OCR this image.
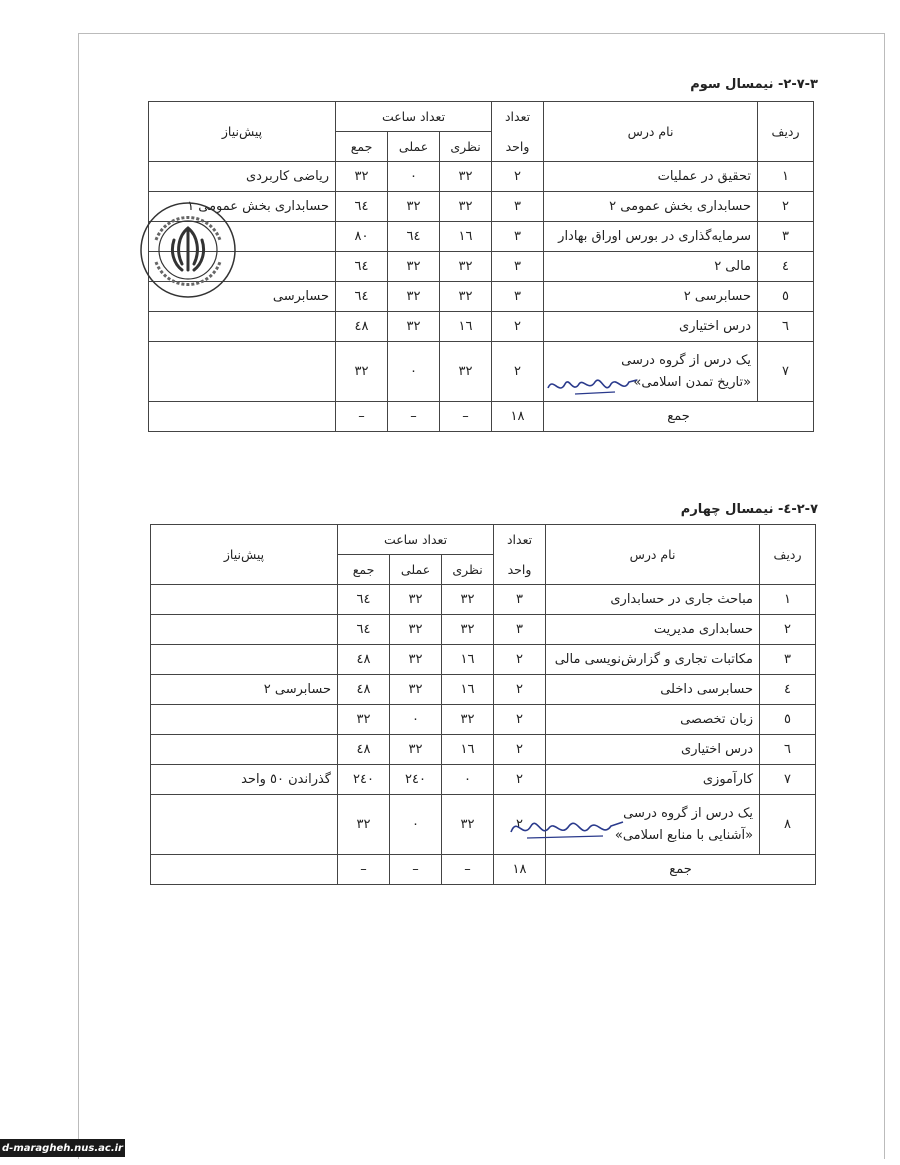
۲-۷-۳- نیمسال سوم
ردیف	نام درس	تعداد	تعداد ساعت			پیش‌نیاز
		واحد	نظری	عملی	جمع	
۱	تحقیق در عملیات	۲	۳۲	۰	۳۲	ریاضی کاربردی
۲	حسابداری بخش عمومی ۲	۳	۳۲	۳۲	٦٤	حسابداری بخش عمومی ۱
۳	سرمایه‌گذاری در بورس اوراق بهادار	۳	۱٦	٦٤	۸۰	
٤	مالی ۲	۳	۳۲	۳۲	٦٤	
٥	حسابرسی ۲	۳	۳۲	۳۲	٦٤	حسابرسی
٦	درس اختیاری	۲	۱٦	۳۲	٤۸	
۷	یک درس از گروه درسی
«تاریخ تمدن اسلامی»	۲	۳۲	۰	۳۲	
جمع		۱۸	–	–	–	
۲-۷-٤- نیمسال چهارم
ردیف	نام درس	تعداد	تعداد ساعت			پیش‌نیاز
		واحد	نظری	عملی	جمع	
۱	مباحث جاری در حسابداری	۳	۳۲	۳۲	٦٤	
۲	حسابداری مدیریت	۳	۳۲	۳۲	٦٤	
۳	مکاتبات تجاری و گزارش‌نویسی مالی	۲	۱٦	۳۲	٤۸	
٤	حسابرسی داخلی	۲	۱٦	۳۲	٤۸	حسابرسی ۲
٥	زبان تخصصی	۲	۳۲	۰	۳۲	
٦	درس اختیاری	۲	۱٦	۳۲	٤۸	
۷	کارآموزی	۲	۰	۲٤۰	۲٤۰	گذراندن ٥۰ واحد
۸	یک درس از گروه درسی
«آشنایی با منابع اسلامی»	۲	۳۲	۰	۳۲	
جمع		۱۸	–	–	–	
d-maragheh.nus.ac.ir
